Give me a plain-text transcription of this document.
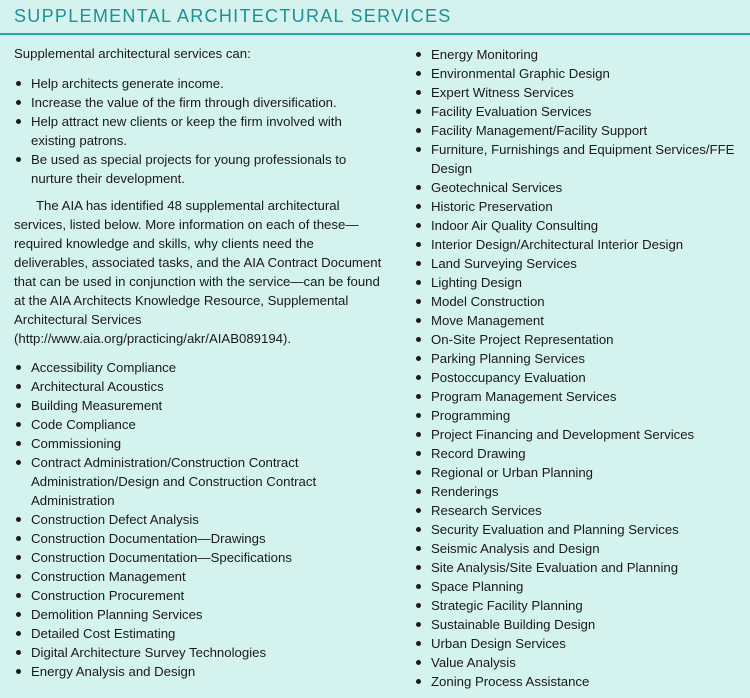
SUPPLEMENTAL ARCHITECTURAL SERVICES

Supplemental architectural services can:

Help architects generate income.
Increase the value of the firm through diversification.
Help attract new clients or keep the firm involved with existing patrons.
Be used as special projects for young professionals to nurture their development.

The AIA has identified 48 supplemental architectural services, listed below. More information on each of these—required knowledge and skills, why clients need the deliverables, associated tasks, and the AIA Contract Document that can be used in conjunction with the service—can be found at the AIA Architects Knowledge Resource, Supplemental Architectural Services (http://www.aia.org/practicing/akr/AIAB089194).

Accessibility Compliance
Architectural Acoustics
Building Measurement
Code Compliance
Commissioning
Contract Administration/Construction Contract Administration/Design and Construction Contract Administration
Construction Defect Analysis
Construction Documentation—Drawings
Construction Documentation—Specifications
Construction Management
Construction Procurement
Demolition Planning Services
Detailed Cost Estimating
Digital Architecture Survey Technologies
Energy Analysis and Design
Energy Monitoring
Environmental Graphic Design
Expert Witness Services
Facility Evaluation Services
Facility Management/Facility Support
Furniture, Furnishings and Equipment Services/FFE Design
Geotechnical Services
Historic Preservation
Indoor Air Quality Consulting
Interior Design/Architectural Interior Design
Land Surveying Services
Lighting Design
Model Construction
Move Management
On-Site Project Representation
Parking Planning Services
Postoccupancy Evaluation
Program Management Services
Programming
Project Financing and Development Services
Record Drawing
Regional or Urban Planning
Renderings
Research Services
Security Evaluation and Planning Services
Seismic Analysis and Design
Site Analysis/Site Evaluation and Planning
Space Planning
Strategic Facility Planning
Sustainable Building Design
Urban Design Services
Value Analysis
Zoning Process Assistance
